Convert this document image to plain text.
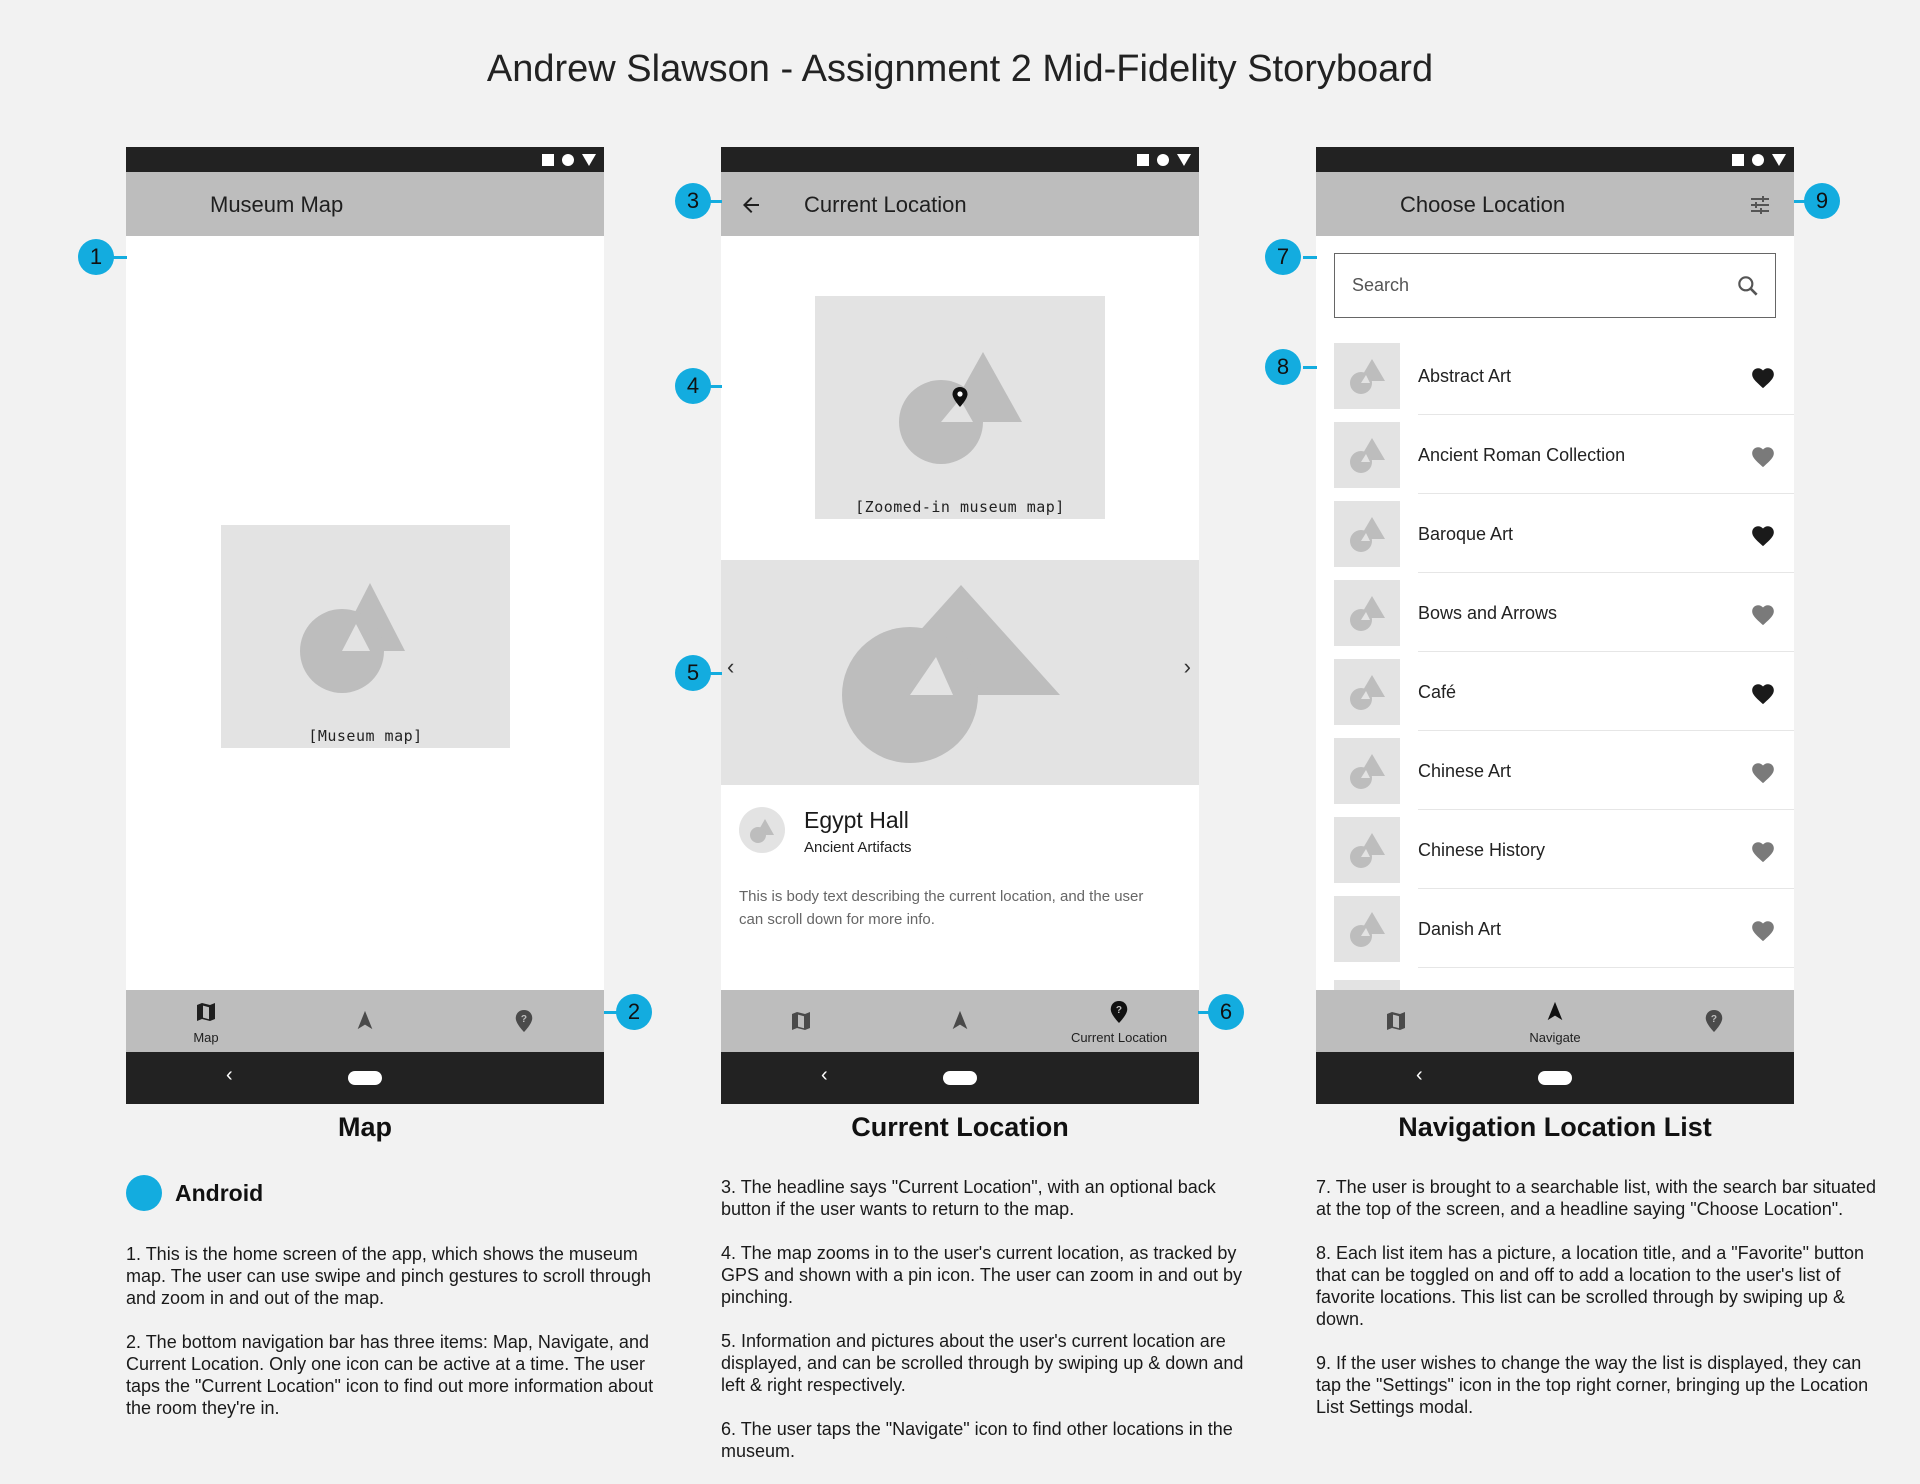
Andrew Slawson - Assignment 2 Mid-Fidelity Storyboard
Museum Map
[Museum map]
Map
?
‹
Current Location
[Zoomed-in museum map]
‹	›
Egypt Hall
Ancient Artifacts
This is body text describing the current location, and the user can scroll down for more info.
?
Current Location
‹
Choose Location
Search
Abstract Art
Ancient Roman Collection
Baroque Art
Bows and Arrows
Café
Chinese Art
Chinese History
Danish Art
Navigate
?
‹
1
2
3
4
5
6
7
8
9
Map	Current Location	Navigation Location List
Android

1. This is the home screen of the app, which shows the museum map. The user can use swipe and pinch gestures to scroll through and zoom in and out of the map.

2. The bottom navigation bar has three items: Map, Navigate, and Current Location. Only one icon can be active at a time. The user taps the "Current Location" icon to find out more information about the room they're in.

3. The headline says "Current Location", with an optional back button if the user wants to return to the map.

4. The map zooms in to the user's current location, as tracked by GPS and shown with a pin icon. The user can zoom in and out by pinching.

5. Information and pictures about the user's current location are displayed, and can be scrolled through by swiping up & down and left & right respectively.

6. The user taps the "Navigate" icon to find other locations in the museum.

7. The user is brought to a searchable list, with the search bar situated at the top of the screen, and a headline saying "Choose Location".

8. Each list item has a picture, a location title, and a "Favorite" button that can be toggled on and off to add a location to the user's list of favorite locations. This list can be scrolled through by swiping up & down.

9. If the user wishes to change the way the list is displayed, they can tap the "Settings" icon in the top right corner, bringing up the Location List Settings modal.
